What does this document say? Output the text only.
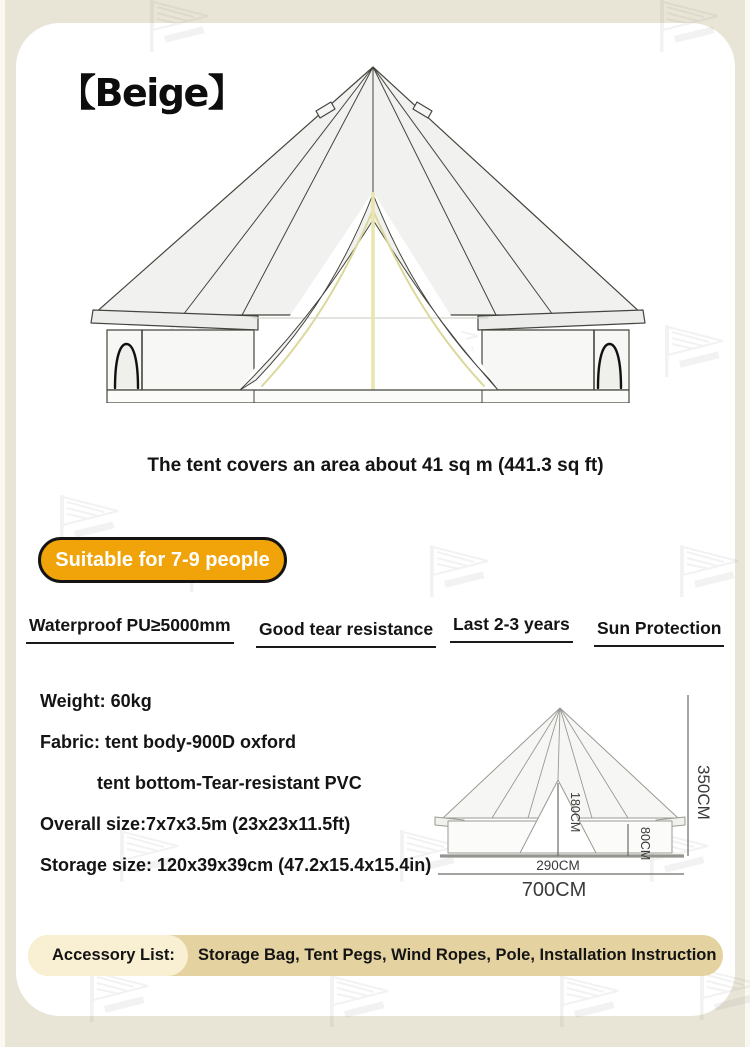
【Beige】
The tent covers an area about 41 sq m (441.3 sq ft)
Suitable for 7-9 people
Waterproof PU≥5000mm Good tear resistance Last 2-3 years Sun Protection
Weight: 60kg
Fabric: tent body-900D oxford
tent bottom-Tear-resistant PVC
Overall size:7x7x3.5m (23x23x11.5ft)
Storage size: 120x39x39cm (47.2x15.4x15.4in)
350CM
180CM
80CM
290CM
700CM
Accessory List: Storage Bag, Tent Pegs, Wind Ropes, Pole, Installation Instruction
